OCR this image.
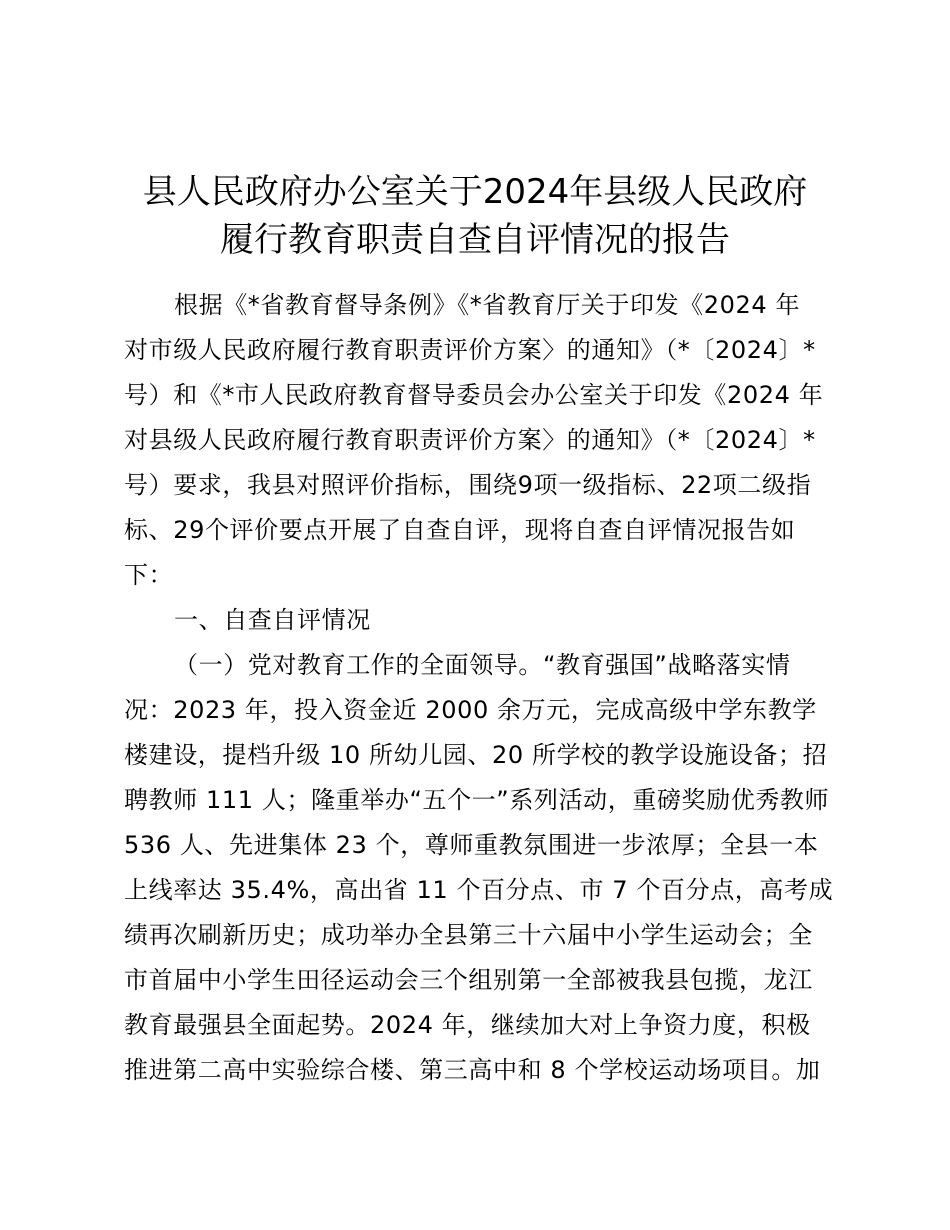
县人民政府办公室关于2024年县级人民政府
履行教育职责自查自评情况的报告
根据《*省教育督导条例》《*省教育厅关于印发《2024 年
对市级人民政府履行教育职责评价方案〉的通知》（*〔2024〕*
号）和《*市人民政府教育督导委员会办公室关于印发《2024 年
对县级人民政府履行教育职责评价方案〉的通知》（*〔2024〕*
号）要求，我县对照评价指标，围绕9项一级指标、22项二级指
标、29个评价要点开展了自查自评，现将自查自评情况报告如
下：
一、自查自评情况
（一）党对教育工作的全面领导。“教育强国”战略落实情
况：2023 年，投入资金近 2000 余万元，完成高级中学东教学
楼建设，提档升级 10 所幼儿园、20 所学校的教学设施设备；招
聘教师 111 人；隆重举办“五个一”系列活动，重磅奖励优秀教师
536 人、先进集体 23 个，尊师重教氛围进一步浓厚；全县一本
上线率达 35.4%，高出省 11 个百分点、市 7 个百分点，高考成
绩再次刷新历史；成功举办全县第三十六届中小学生运动会；全
市首届中小学生田径运动会三个组别第一全部被我县包揽，龙江
教育最强县全面起势。2024 年，继续加大对上争资力度，积极
推进第二高中实验综合楼、第三高中和 8 个学校运动场项目。加
